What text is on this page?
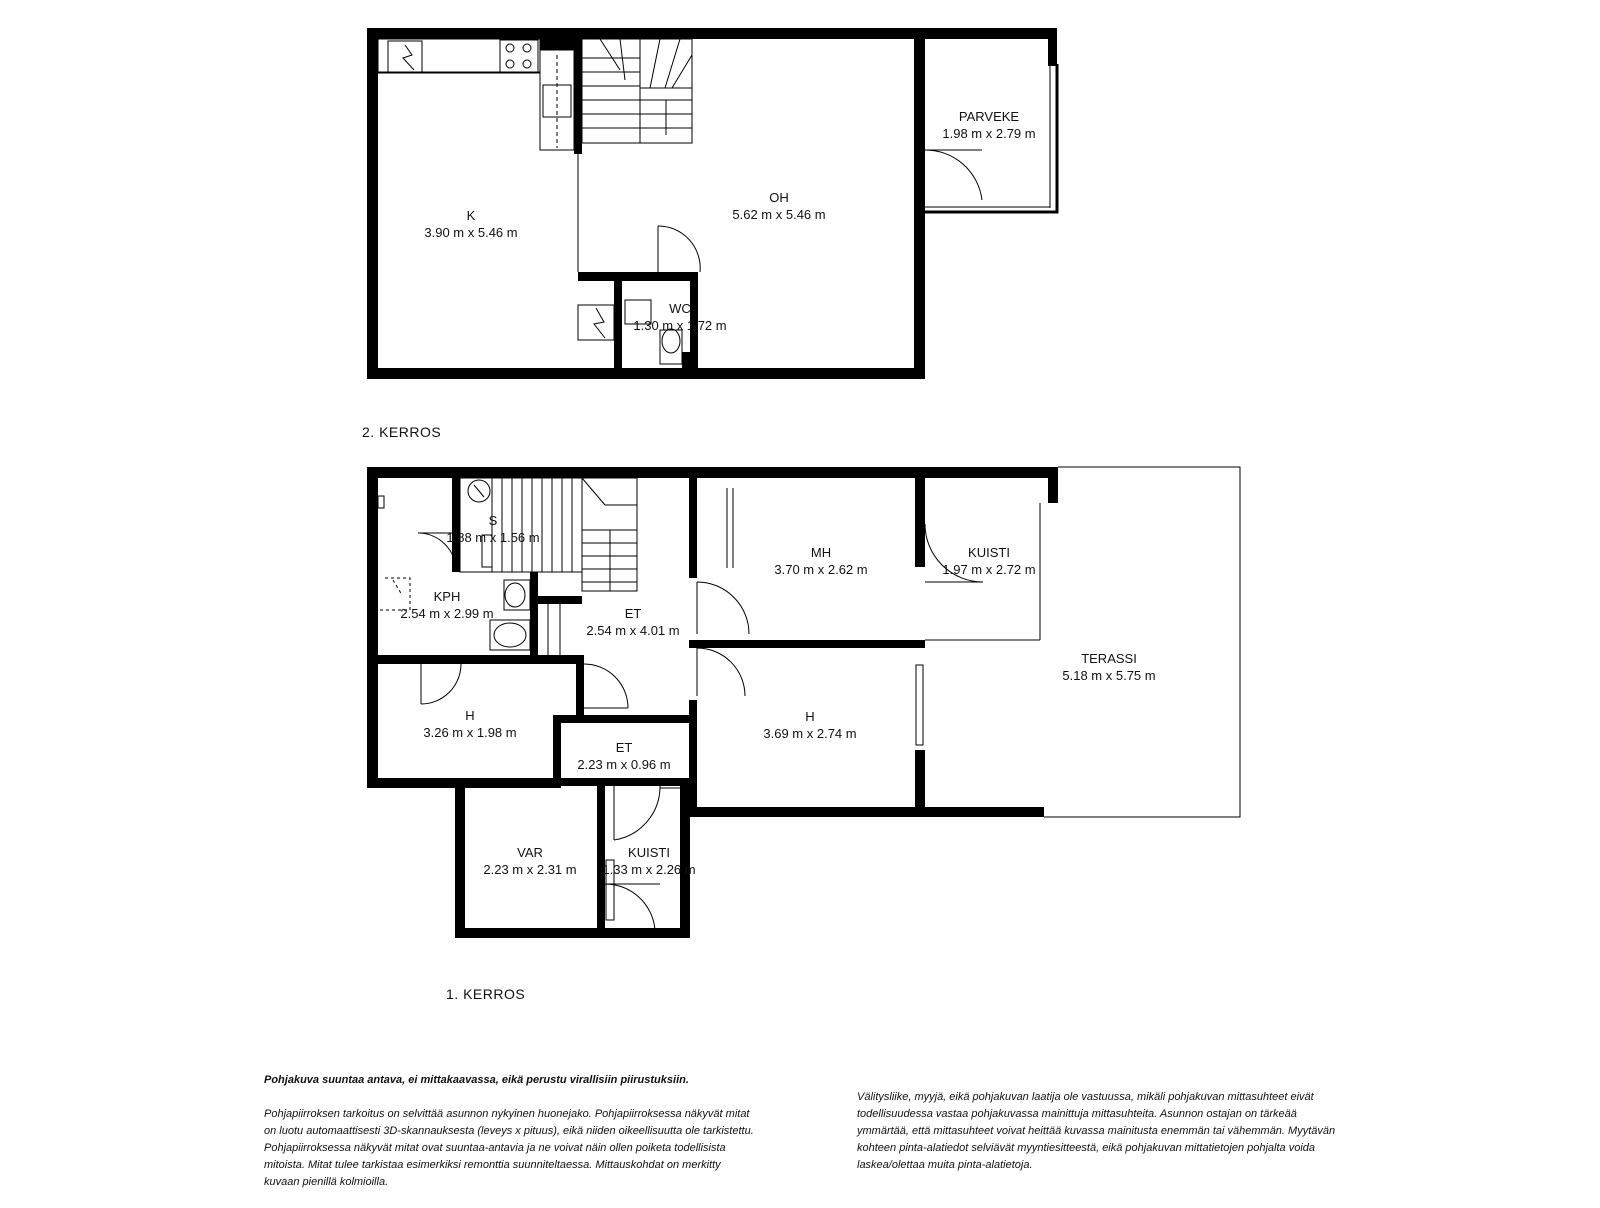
K
3.90 m x 5.46 m
OH
5.62 m x 5.46 m
PARVEKE
1.98 m x 2.79 m
WC
1.30 m x 1.72 m
S
1.88 m x 1.56 m
KPH
2.54 m x 2.99 m	ET
2.54 m x 4.01 m
MH
3.70 m x 2.62 m
KUISTI
1.97 m x 2.72 m
TERASSI
5.18 m x 5.75 m
H
3.26 m x 1.98 m
ET
2.23 m x 0.96 m
H
3.69 m x 2.74 m
VAR
2.23 m x 2.31 m
KUISTI
1.33 m x 2.26 m
2. KERROS
1. KERROS

Pohjakuva suuntaa antava, ei mittakaavassa, eikä perustu virallisiin piirustuksiin.

Pohjapiirroksen tarkoitus on selvittää asunnon nykyinen huonejako. Pohjapiirroksessa näkyvät mitat on luotu automaattisesti 3D-skannauksesta (leveys x pituus), eikä niiden oikeellisuutta ole tarkistettu. Pohjapiirroksessa näkyvät mitat ovat suuntaa-antavia ja ne voivat näin ollen poiketa todellisista mitoista. Mitat tulee tarkistaa esimerkiksi remonttia suunniteltaessa. Mittauskohdat on merkitty kuvaan pienillä kolmioilla.

Välitysliike, myyjä, eikä pohjakuvan laatija ole vastuussa, mikäli pohjakuvan mittasuhteet eivät todellisuudessa vastaa pohjakuvassa mainittuja mittasuhteita. Asunnon ostajan on tärkeää ymmärtää, että mittasuhteet voivat heittää kuvassa mainitusta enemmän tai vähemmän. Myytävän kohteen pinta-alatiedot selviävät myyntiesitteestä, eikä pohjakuvan mittatietojen pohjalta voida laskea/olettaa muita pinta-alatietoja.
